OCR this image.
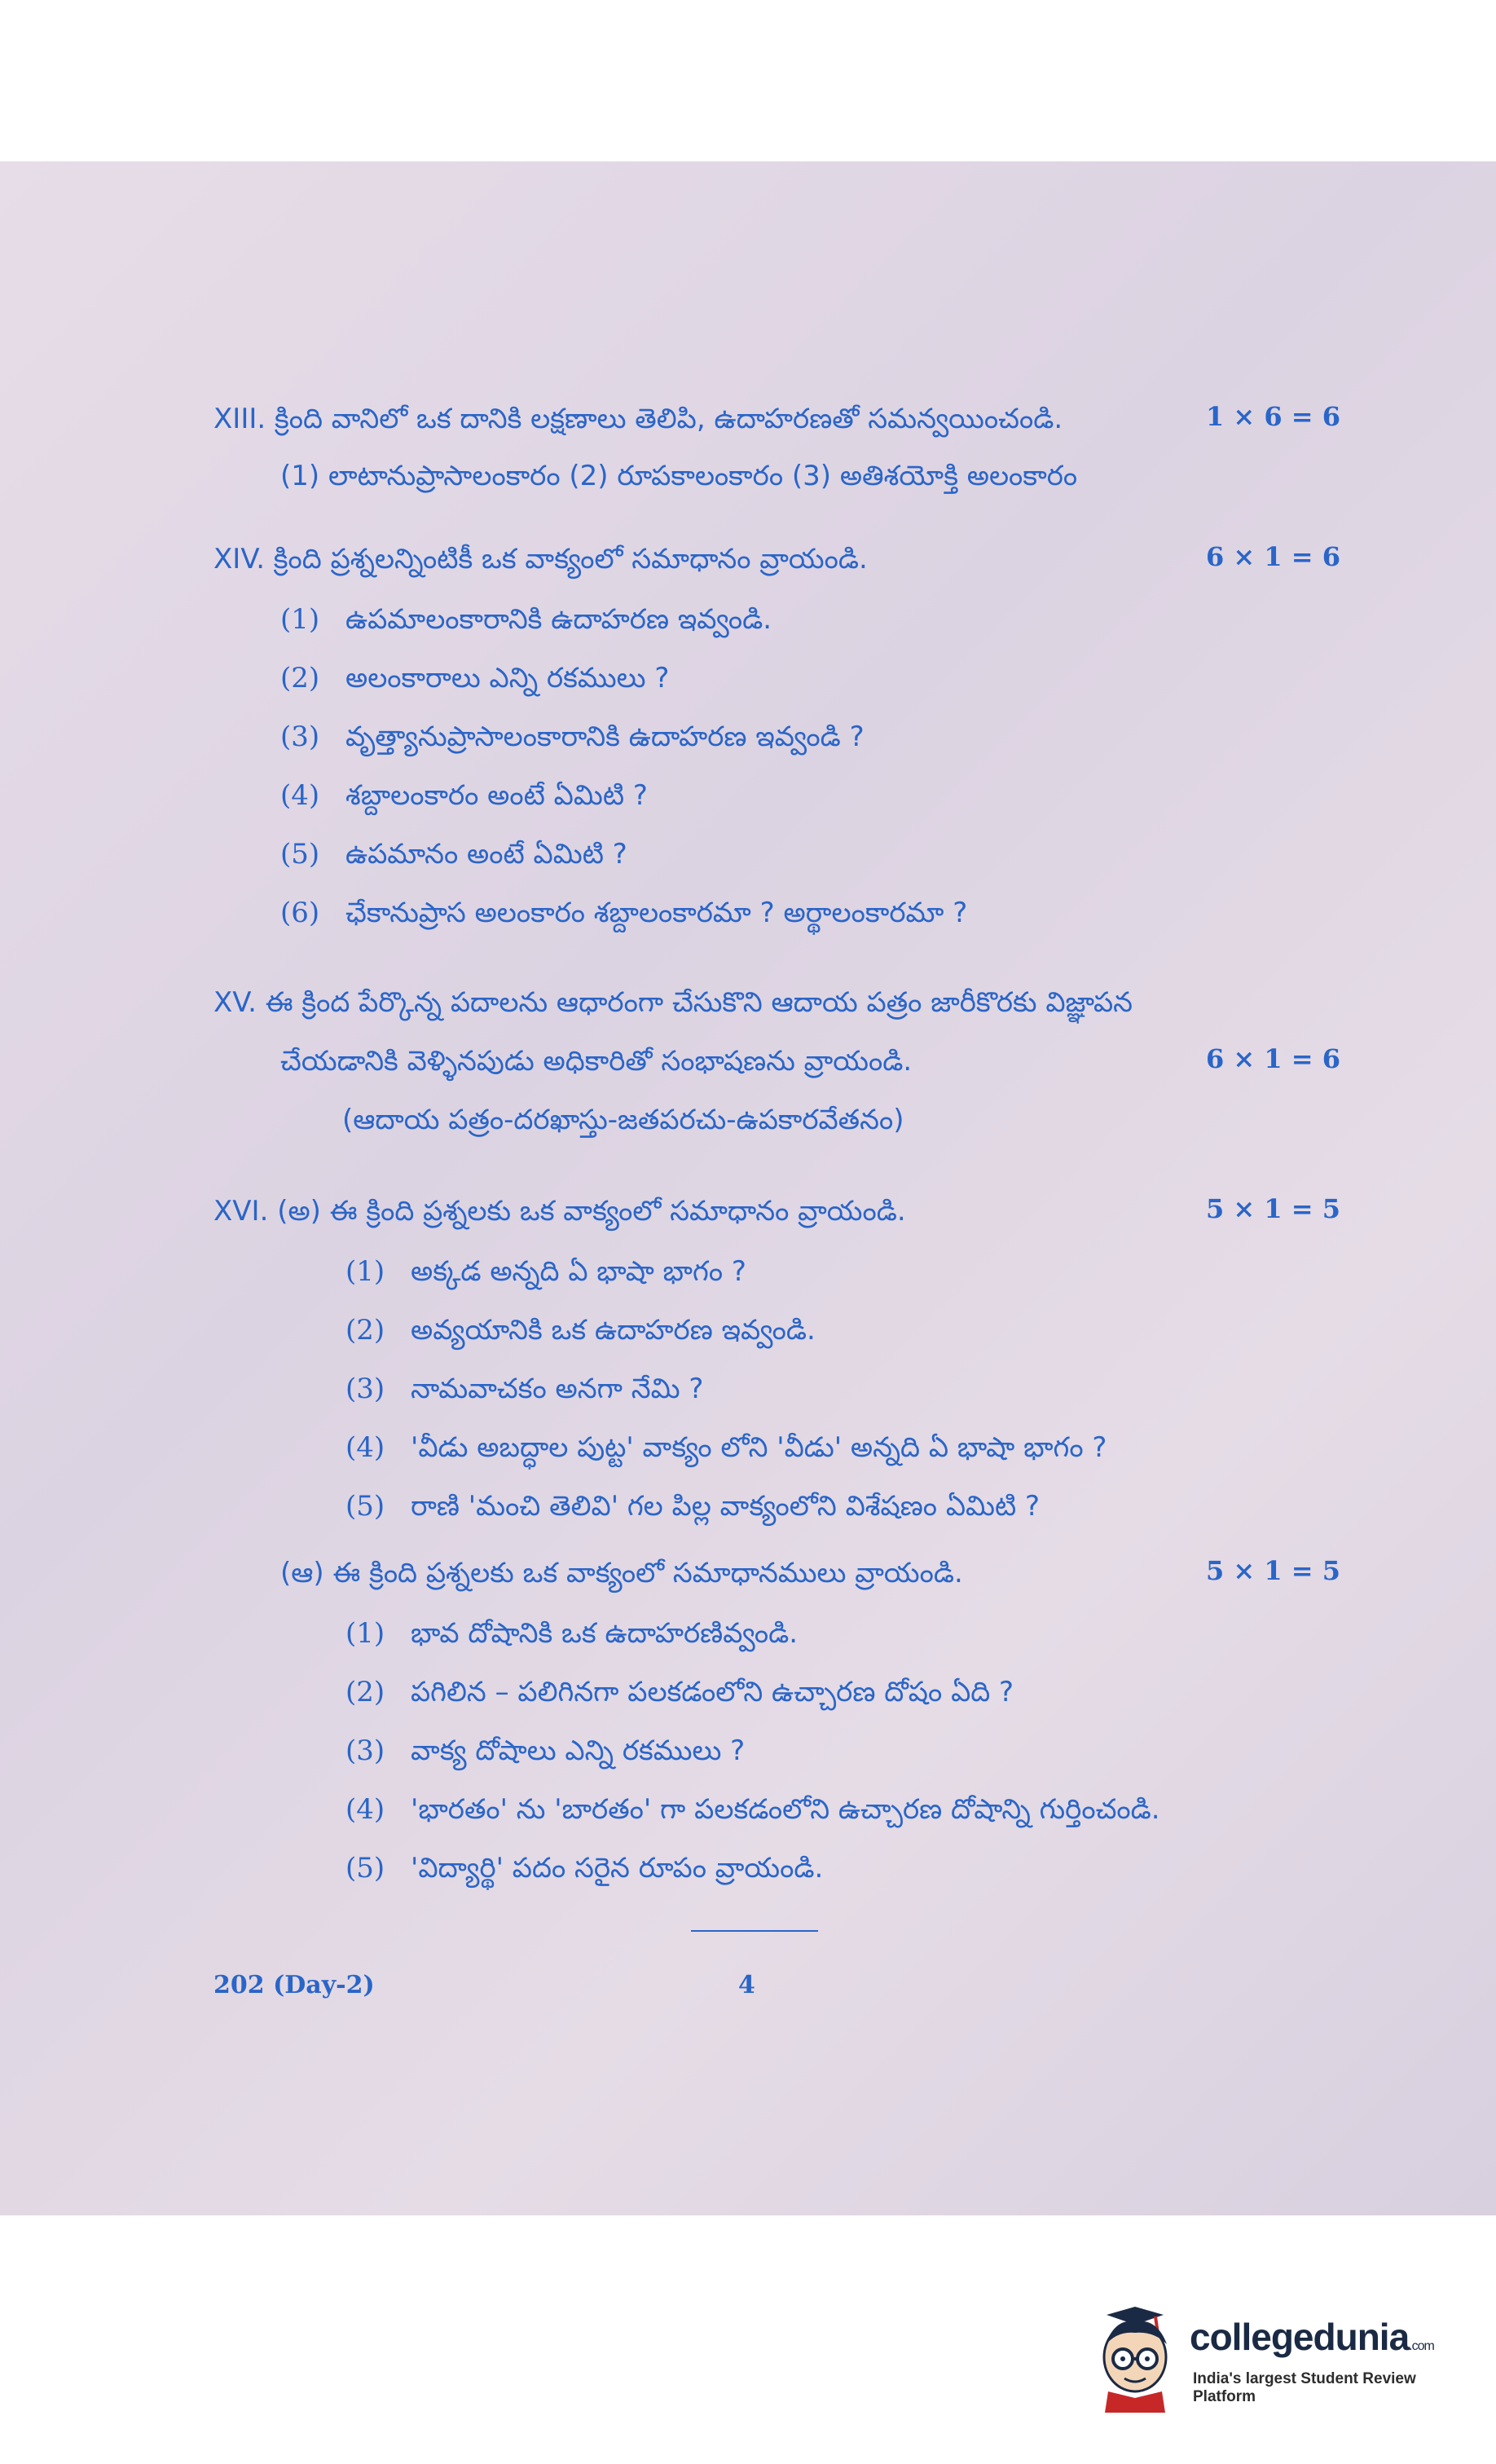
XIII. క్రింది వానిలో ఒక దానికి లక్షణాలు తెలిపి, ఉదాహరణతో సమన్వయించండి.	1 × 6 = 6
(1) లాటానుప్రాసాలంకారం (2) రూపకాలంకారం (3) అతిశయోక్తి అలంకారం
XIV. క్రింది ప్రశ్నలన్నింటికీ ఒక వాక్యంలో సమాధానం వ్రాయండి.	6 × 1 = 6
(1) ఉపమాలంకారానికి ఉదాహరణ ఇవ్వండి.
(2) అలంకారాలు ఎన్ని రకములు ?
(3) వృత్త్యానుప్రాసాలంకారానికి ఉదాహరణ ఇవ్వండి ?
(4) శబ్దాలంకారం అంటే ఏమిటి ?
(5) ఉపమానం అంటే ఏమిటి ?
(6) ఛేకానుప్రాస అలంకారం శబ్దాలంకారమా ? అర్థాలంకారమా ?
XV. ఈ క్రింద పేర్కొన్న పదాలను ఆధారంగా చేసుకొని ఆదాయ పత్రం జారీకొరకు విజ్ఞాపన
చేయడానికి వెళ్ళినపుడు అధికారితో సంభాషణను వ్రాయండి.	6 × 1 = 6
(ఆదాయ పత్రం-దరఖాస్తు-జతపరచు-ఉపకారవేతనం)
XVI. (అ) ఈ క్రింది ప్రశ్నలకు ఒక వాక్యంలో సమాధానం వ్రాయండి.	5 × 1 = 5
(1) అక్కడ అన్నది ఏ భాషా భాగం ?
(2) అవ్యయానికి ఒక ఉదాహరణ ఇవ్వండి.
(3) నామవాచకం అనగా నేమి ?
(4) 'వీడు అబద్ధాల పుట్ట' వాక్యం లోని 'వీడు' అన్నది ఏ భాషా భాగం ?
(5) రాణి 'మంచి తెలివి' గల పిల్ల వాక్యంలోని విశేషణం ఏమిటి ?
(ఆ) ఈ క్రింది ప్రశ్నలకు ఒక వాక్యంలో సమాధానములు వ్రాయండి.	5 × 1 = 5
(1) భావ దోషానికి ఒక ఉదాహరణివ్వండి.
(2) పగిలిన – పలిగినగా పలకడంలోని ఉచ్చారణ దోషం ఏది ?
(3) వాక్య దోషాలు ఎన్ని రకములు ?
(4) 'భారతం' ను 'బారతం' గా పలకడంలోని ఉచ్చారణ దోషాన్ని గుర్తించండి.
(5) 'విద్యార్థి' పదం సరైన రూపం వ్రాయండి.
202 (Day-2)	4
collegedunia.com
India's largest Student Review Platform
